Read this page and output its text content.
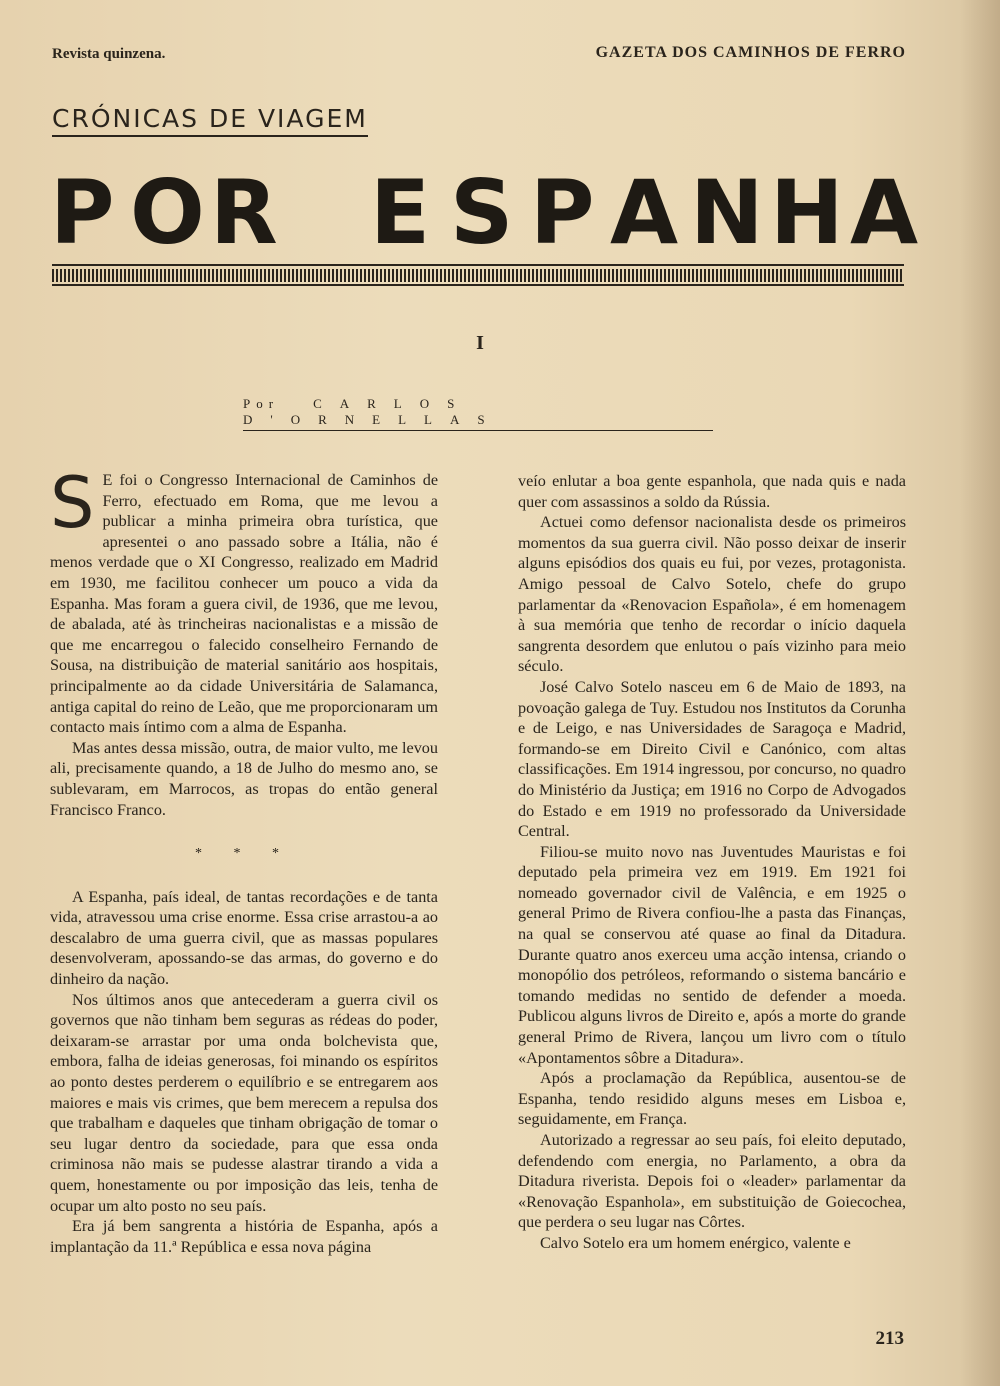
Revista quinzena.	GAZETA DOS CAMINHOS DE FERRO
CRÓNICAS DE VIAGEM
P O R E S P A N H A
I
Por	CARLOS D'ORNELLAS

S E foi o Congresso Internacional de Caminhos de Ferro, efectuado em Roma, que me levou a publicar a minha primeira obra turística, que apresentei o ano passado sobre a Itália, não é menos verdade que o XI Congresso, realizado em Madrid em 1930, me facilitou conhecer um pouco a vida da Espanha. Mas foram a guera civil, de 1936, que me levou, de abalada, até às trincheiras nacionalistas e a missão de que me encarregou o falecido conselheiro Fernando de Sousa, na distribuição de material sanitário aos hospitais, principalmente ao da cidade Universitária de Salamanca, antiga capital do reino de Leão, que me proporcionaram um contacto mais íntimo com a alma de Espanha.

Mas antes dessa missão, outra, de maior vulto, me levou ali, precisamente quando, a 18 de Julho do mesmo ano, se sublevaram, em Marrocos, as tropas do então general Francisco Franco.

* * *

A Espanha, país ideal, de tantas recordações e de tanta vida, atravessou uma crise enorme. Essa crise arrastou-a ao descalabro de uma guerra civil, que as massas populares desenvolveram, apossando-se das armas, do governo e do dinheiro da nação.

Nos últimos anos que antecederam a guerra civil os governos que não tinham bem seguras as rédeas do poder, deixaram-se arrastar por uma onda bolchevista que, embora, falha de ideias generosas, foi minando os espíritos ao ponto destes perderem o equilíbrio e se entregarem aos maiores e mais vis crimes, que bem merecem a repulsa dos que trabalham e daqueles que tinham obrigação de tomar o seu lugar dentro da sociedade, para que essa onda criminosa não mais se pudesse alastrar tirando a vida a quem, honestamente ou por imposição das leis, tenha de ocupar um alto posto no seu país.

Era já bem sangrenta a história de Espanha, após a implantação da 11.ª República e essa nova página

veío enlutar a boa gente espanhola, que nada quis e nada quer com assassinos a soldo da Rússia.

Actuei como defensor nacionalista desde os primeiros momentos da sua guerra civil. Não posso deixar de inserir alguns episódios dos quais eu fui, por vezes, protagonista. Amigo pessoal de Calvo Sotelo, chefe do grupo parlamentar da «Renovacion Española», é em homenagem à sua memória que tenho de recordar o início daquela sangrenta desordem que enlutou o país vizinho para meio século.

José Calvo Sotelo nasceu em 6 de Maio de 1893, na povoação galega de Tuy. Estudou nos Institutos da Corunha e de Leigo, e nas Universidades de Saragoça e Madrid, formando-se em Direito Civil e Canónico, com altas classificações. Em 1914 ingressou, por concurso, no quadro do Ministério da Justiça; em 1916 no Corpo de Advogados do Estado e em 1919 no professorado da Universidade Central.

Filiou-se muito novo nas Juventudes Mauristas e foi deputado pela primeira vez em 1919. Em 1921 foi nomeado governador civil de Valência, e em 1925 o general Primo de Rivera confiou-lhe a pasta das Finanças, na qual se conservou até quase ao final da Ditadura. Durante quatro anos exerceu uma acção intensa, criando o monopólio dos petróleos, reformando o sistema bancário e tomando medidas no sentido de defender a moeda. Publicou alguns livros de Direito e, após a morte do grande general Primo de Rivera, lançou um livro com o título «Apontamentos sôbre a Ditadura».

Após a proclamação da República, ausentou-se de Espanha, tendo residido alguns meses em Lisboa e, seguidamente, em França.

Autorizado a regressar ao seu país, foi eleito deputado, defendendo com energia, no Parlamento, a obra da Ditadura riverista. Depois foi o «leader» parlamentar da «Renovação Espanhola», em substituição de Goiecochea, que perdera o seu lugar nas Côrtes.

Calvo Sotelo era um homem enérgico, valente e

213
